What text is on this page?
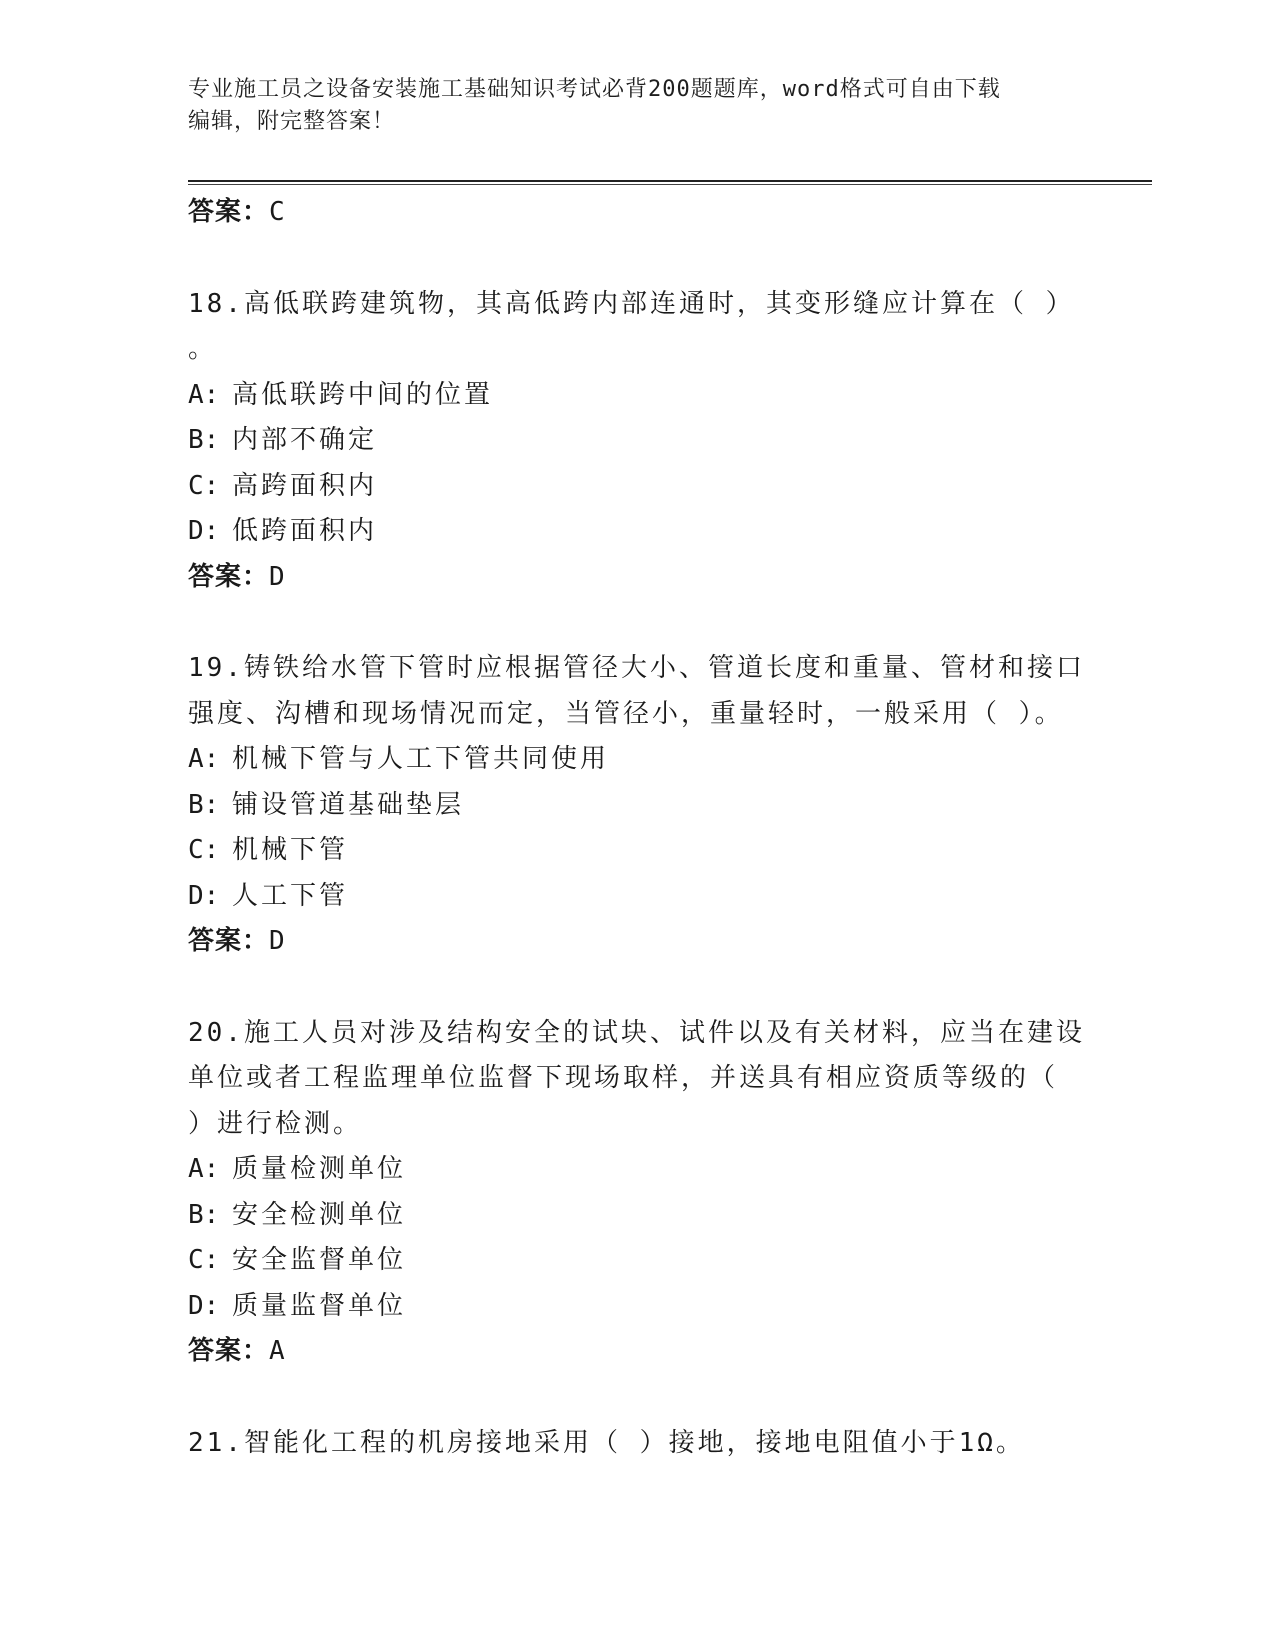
专业施工员之设备安装施工基础知识考试必背200题题库，word格式可自由下载
编辑，附完整答案！
答案：C
18.高低联跨建筑物，其高低跨内部连通时，其变形缝应计算在（ ）
。
A: 高低联跨中间的位置
B: 内部不确定
C: 高跨面积内
D: 低跨面积内
答案：D
19.铸铁给水管下管时应根据管径大小、管道长度和重量、管材和接口
强度、沟槽和现场情况而定，当管径小，重量轻时，一般采用（ ）。
A: 机械下管与人工下管共同使用
B: 铺设管道基础垫层
C: 机械下管
D: 人工下管
答案：D
20.施工人员对涉及结构安全的试块、试件以及有关材料，应当在建设
单位或者工程监理单位监督下现场取样，并送具有相应资质等级的（
）进行检测。
A: 质量检测单位
B: 安全检测单位
C: 安全监督单位
D: 质量监督单位
答案：A
21.智能化工程的机房接地采用（ ）接地，接地电阻值小于1Ω。
